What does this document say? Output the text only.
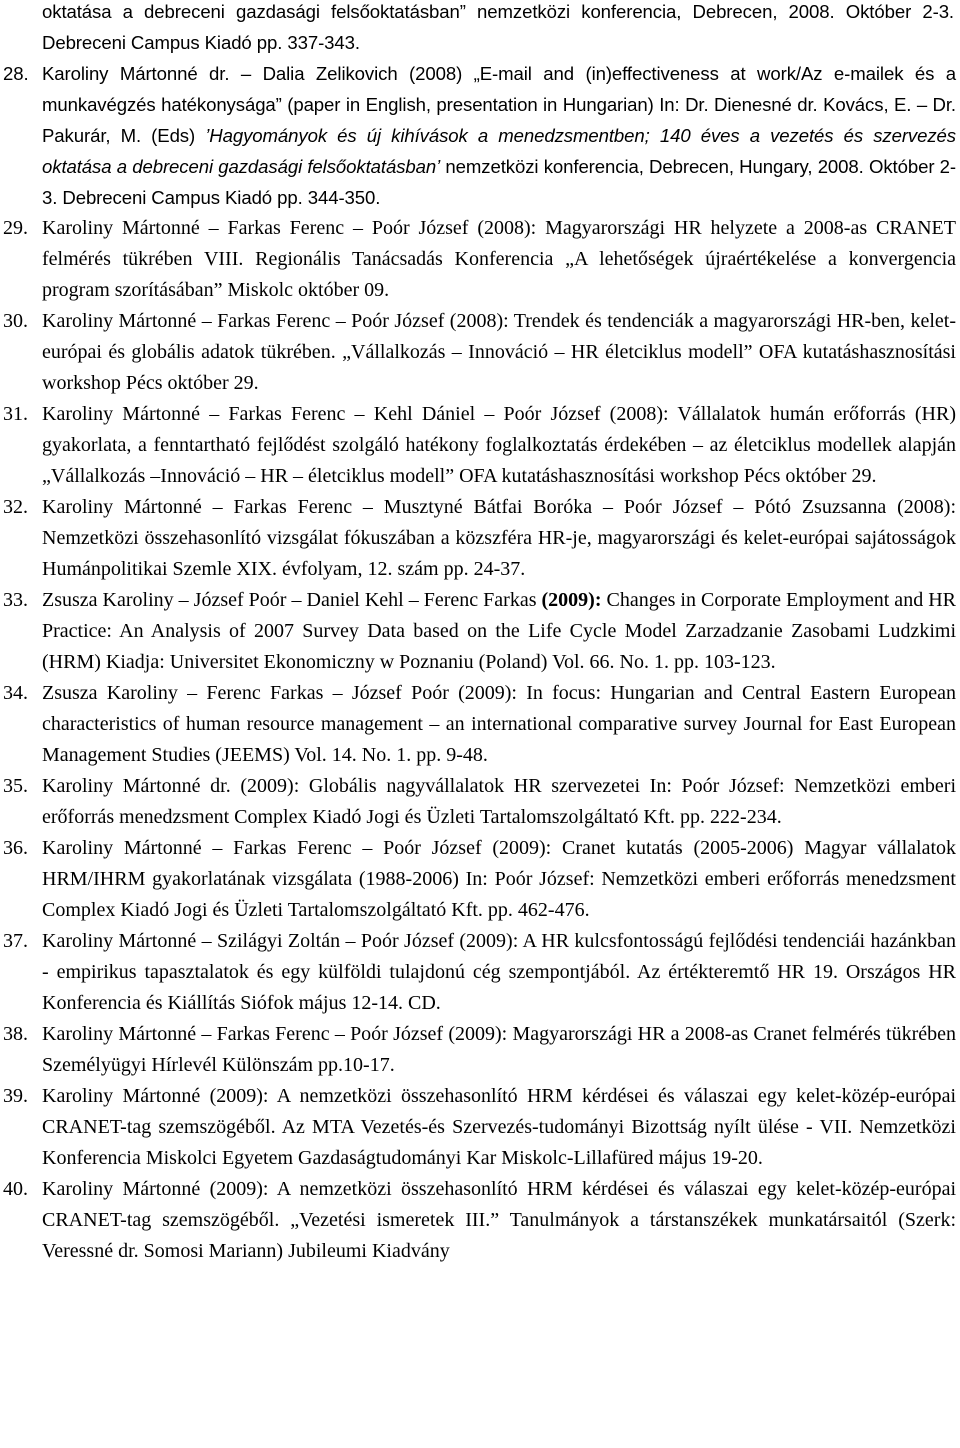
oktatása a debreceni gazdasági felsőoktatásban” nemzetközi konferencia, Debrecen, 2008. Október 2-3. Debreceni Campus Kiadó pp. 337-343.
28. Karoliny Mártonné dr. – Dalia Zelikovich (2008) „E-mail and (in)effectiveness at work/Az e-mailek és a munkavégzés hatékonysága” (paper in English, presentation in Hungarian) In: Dr. Dienesné dr. Kovács, E. – Dr. Pakurár, M. (Eds) ’Hagyományok és új kihívások a menedzsmentben; 140 éves a vezetés és szervezés oktatása a debreceni gazdasági felsőoktatásban’ nemzetközi konferencia, Debrecen, Hungary, 2008. Október 2-3. Debreceni Campus Kiadó pp. 344-350.
29. Karoliny Mártonné – Farkas Ferenc – Poór József (2008): Magyarországi HR helyzete a 2008-as CRANET felmérés tükrében VIII. Regionális Tanácsadás Konferencia „A lehetőségek újraértékelése a konvergencia program szorításában” Miskolc október 09.
30. Karoliny Mártonné – Farkas Ferenc – Poór József (2008): Trendek és tendenciák a magyarországi HR-ben, kelet-európai és globális adatok tükrében. „Vállalkozás – Innováció – HR életciklus modell” OFA kutatáshasznosítási workshop Pécs október 29.
31. Karoliny Mártonné – Farkas Ferenc – Kehl Dániel – Poór József (2008): Vállalatok humán erőforrás (HR) gyakorlata, a fenntartható fejlődést szolgáló hatékony foglalkoztatás érdekében – az életciklus modellek alapján „Vállalkozás –Innováció – HR – életciklus modell” OFA kutatáshasznosítási workshop Pécs október 29.
32. Karoliny Mártonné – Farkas Ferenc – Musztyné Bátfai Boróka – Poór József – Pótó Zsuzsanna (2008): Nemzetközi összehasonlító vizsgálat fókuszában a közszféra HR-je, magyarországi és kelet-európai sajátosságok Humánpolitikai Szemle XIX. évfolyam, 12. szám pp. 24-37.
33. Zsusza Karoliny – József Poór – Daniel Kehl – Ferenc Farkas (2009): Changes in Corporate Employment and HR Practice: An Analysis of 2007 Survey Data based on the Life Cycle Model Zarzadzanie Zasobami Ludzkimi (HRM) Kiadja: Universitet Ekonomiczny w Poznaniu (Poland) Vol. 66. No. 1. pp. 103-123.
34. Zsusza Karoliny – Ferenc Farkas – József Poór (2009): In focus: Hungarian and Central Eastern European characteristics of human resource management – an international comparative survey Journal for East European Management Studies (JEEMS) Vol. 14. No. 1. pp. 9-48.
35. Karoliny Mártonné dr. (2009): Globális nagyvállalatok HR szervezetei In: Poór József: Nemzetközi emberi erőforrás menedzsment Complex Kiadó Jogi és Üzleti Tartalomszolgáltató Kft. pp. 222-234.
36. Karoliny Mártonné – Farkas Ferenc – Poór József (2009): Cranet kutatás (2005-2006) Magyar vállalatok HRM/IHRM gyakorlatának vizsgálata (1988-2006) In: Poór József: Nemzetközi emberi erőforrás menedzsment Complex Kiadó Jogi és Üzleti Tartalomszolgáltató Kft. pp. 462-476.
37. Karoliny Mártonné – Szilágyi Zoltán – Poór József (2009): A HR kulcsfontosságú fejlődési tendenciái hazánkban - empirikus tapasztalatok és egy külföldi tulajdonú cég szempontjából. Az értékteremtő HR 19. Országos HR Konferencia és Kiállítás Siófok május 12-14. CD.
38. Karoliny Mártonné – Farkas Ferenc – Poór József (2009): Magyarországi HR a 2008-as Cranet felmérés tükrében Személyügyi Hírlevél Különszám pp.10-17.
39. Karoliny Mártonné (2009): A nemzetközi összehasonlító HRM kérdései és válaszai egy kelet-közép-európai CRANET-tag szemszögéből. Az MTA Vezetés-és Szervezés-tudományi Bizottság nyílt ülése - VII. Nemzetközi Konferencia Miskolci Egyetem Gazdaságtudományi Kar Miskolc-Lillafüred május 19-20.
40. Karoliny Mártonné (2009): A nemzetközi összehasonlító HRM kérdései és válaszai egy kelet-közép-európai CRANET-tag szemszögéből. „Vezetési ismeretek III.” Tanulmányok a társtanszékek munkatársaitól (Szerk: Veressné dr. Somosi Mariann) Jubileumi Kiadvány
